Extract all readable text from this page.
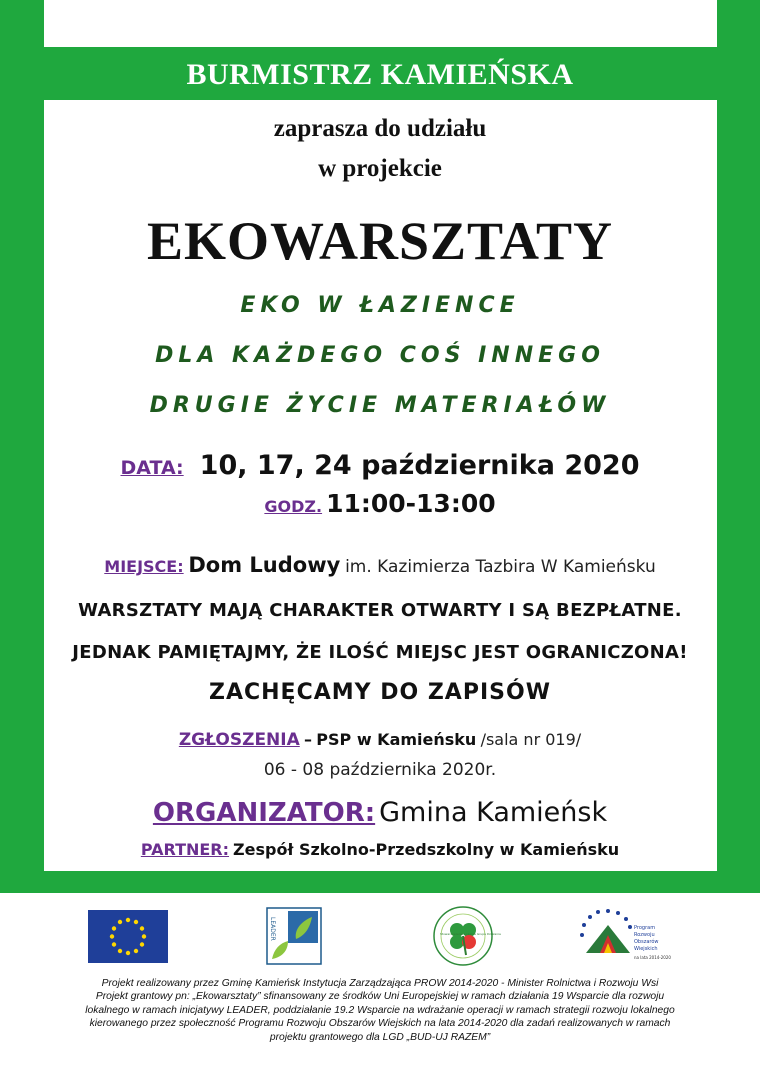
BURMISTRZ KAMIEŃSKA
zaprasza do udziału
w projekcie
EKOWARSZTATY
EKO W ŁAZIENCE
DLA KAŻDEGO COŚ INNEGO
DRUGIE ŻYCIE MATERIAŁÓW
DATA: 10, 17, 24 października 2020
GODZ. 11:00-13:00
MIEJSCE: Dom Ludowy im. Kazimierza Tazbira W Kamieńsku
WARSZTATY MAJĄ CHARAKTER OTWARTY I SĄ BEZPŁATNE.
JEDNAK PAMIĘTAJMY, ŻE ILOŚĆ MIEJSC JEST OGRANICZONA!
ZACHĘCAMY DO ZAPISÓW
ZGŁOSZENIA – PSP w Kamieńsku /sala nr 019/
06 - 08 października 2020r.
ORGANIZATOR: Gmina Kamieńsk
PARTNER: Zespół Szkolno-Przedszkolny w Kamieńsku
LEADER	Stowarzyszenie Lokalna Grupa Działania
Program
Rozwoju
Obszarów
Wiejskich
na lata 2014-2020
Projekt realizowany przez Gminę Kamieńsk Instytucja Zarządzająca PROW 2014-2020 - Minister Rolnictwa i Rozwoju Wsi
Projekt grantowy pn: „Ekowarsztaty” sfinansowany ze środków Uni Europejskiej w ramach działania 19 Wsparcie dla rozwoju
lokalnego w ramach inicjatywy LEADER, poddziałanie 19.2 Wsparcie na wdrażanie operacji w ramach strategii rozwoju lokalnego
kierowanego przez społeczność Programu Rozwoju Obszarów Wiejskich na lata 2014-2020 dla zadań realizowanych w ramach
projektu grantowego dla LGD „BUD-UJ RAZEM”
